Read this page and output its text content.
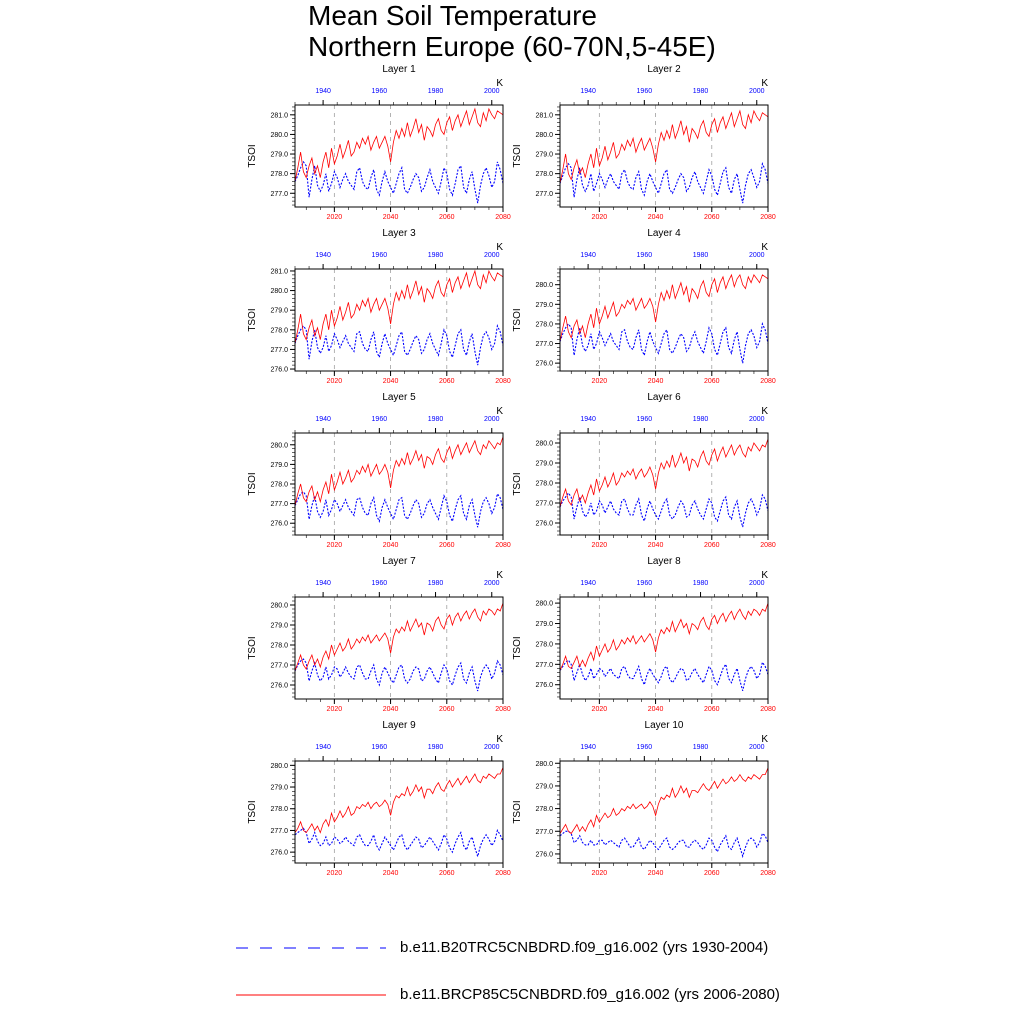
Mean Soil Temperature
Northern Europe (60-70N,5-45E)
Layer 1
K
TSOI
277.0
278.0
279.0
280.0
281.0
2020	2040	2060	2080
1940	1960	1980	2000
Layer 2
K
TSOI
277.0
278.0
279.0
280.0
281.0
2020	2040	2060	2080
1940	1960	1980	2000
Layer 3
K
TSOI
276.0
277.0
278.0
279.0
280.0
281.0
2020	2040	2060	2080
1940	1960	1980	2000
Layer 4
K
TSOI
276.0
277.0
278.0
279.0
280.0
2020	2040	2060	2080
1940	1960	1980	2000
Layer 5
K
TSOI
276.0
277.0
278.0
279.0
280.0
2020	2040	2060	2080
1940	1960	1980	2000
Layer 6
K
TSOI
276.0
277.0
278.0
279.0
280.0
2020	2040	2060	2080
1940	1960	1980	2000
Layer 7
K
TSOI
276.0
277.0
278.0
279.0
280.0
2020	2040	2060	2080
1940	1960	1980	2000
Layer 8
K
TSOI
276.0
277.0
278.0
279.0
280.0
2020	2040	2060	2080
1940	1960	1980	2000
Layer 9
K
TSOI
276.0
277.0
278.0
279.0
280.0
2020	2040	2060	2080
1940	1960	1980	2000
Layer 10
K
TSOI
276.0
277.0
278.0
279.0
280.0
2020	2040	2060	2080
1940	1960	1980	2000
b.e11.B20TRC5CNBDRD.f09_g16.002 (yrs 1930-2004)
b.e11.BRCP85C5CNBDRD.f09_g16.002 (yrs 2006-2080)
